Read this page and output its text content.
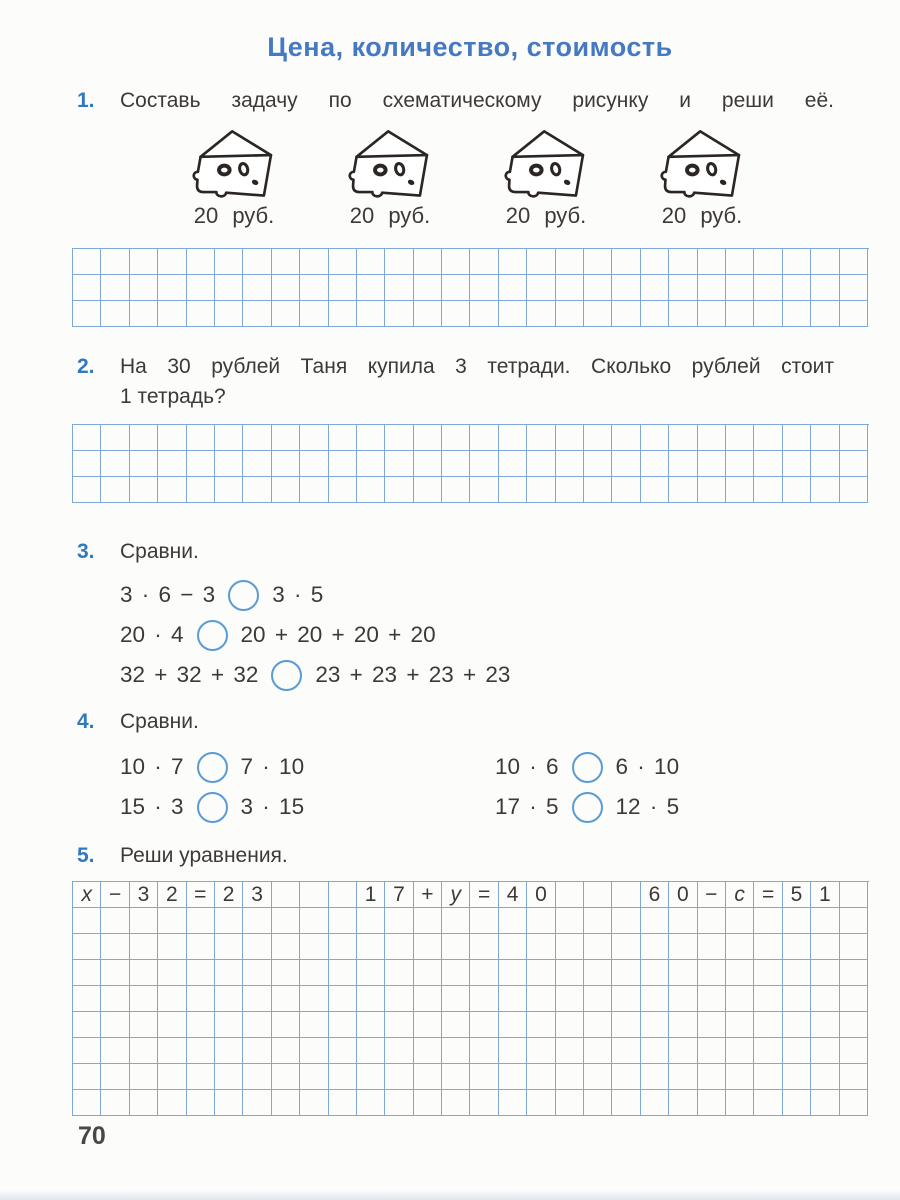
Цена, количество, стоимость
1.	Составь задачу по схематическому рисунку и реши её.
20 руб.	20 руб.	20 руб.	20 руб.
2.	На 30 рублей Таня купила 3 тетради. Сколько рублей стоит
1 тетрадь?
3.	Сравни.
3 · 6 − 3	3 · 5
20 · 4	20 + 20 + 20 + 20
32 + 32 + 32	23 + 23 + 23 + 23
4.	Сравни.
10 · 7	7 · 10
15 · 3	3 · 15
10 · 6	6 · 10
17 · 5	12 · 5
5.	Реши уравнения.
x − 3 2 = 2 3	1 7 + y = 4 0	6 0 − c = 5 1
70
